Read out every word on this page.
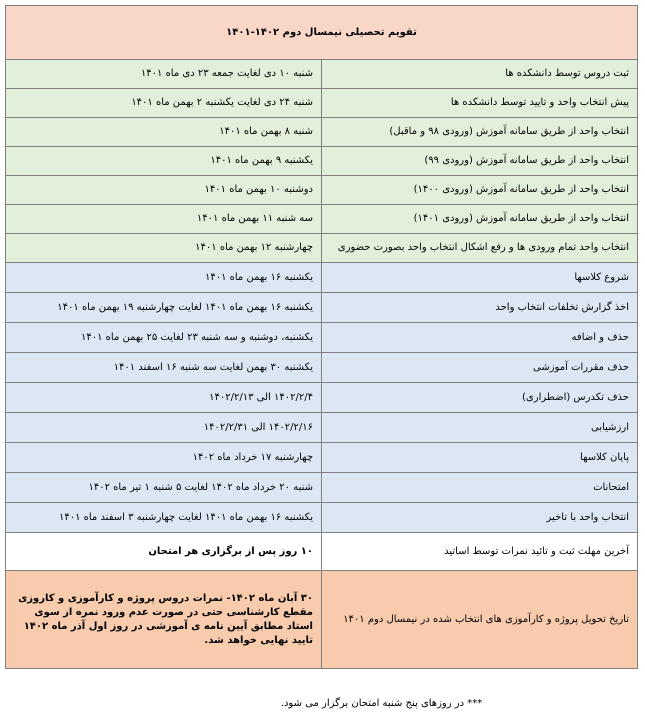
تقویم تحصیلی نیمسال دوم ۱۴۰۲-۱۴۰۱	
ثبت دروس توسط دانشکده ها	شنبه ۱۰ دی لغایت جمعه ۲۳ دی ماه ۱۴۰۱
پیش انتخاب واحد و تایید توسط دانشکده ها	شنبه ۲۴ دی لغایت یکشنبه ۲ بهمن ماه ۱۴۰۱
انتخاب واحد از طریق سامانه آموزش (ورودی ۹۸ و ماقبل)	شنبه ۸ بهمن ماه ۱۴۰۱
انتخاب واحد از طریق سامانه آموزش (ورودی ۹۹)	یکشنبه ۹ بهمن ماه ۱۴۰۱
انتخاب واحد از طریق سامانه آموزش (ورودی ۱۴۰۰)	دوشنبه ۱۰ بهمن ماه ۱۴۰۱
انتخاب واحد از طریق سامانه آموزش (ورودی ۱۴۰۱)	سه شنبه ۱۱ بهمن ماه ۱۴۰۱
انتخاب واحد تمام ورودی ها و رفع اشکال انتخاب واحد بصورت حضوری	چهارشنبه ۱۲ بهمن ماه ۱۴۰۱
شروع کلاسها	یکشنبه ۱۶ بهمن ماه ۱۴۰۱
اخذ گزارش تخلفات انتخاب واحد	یکشنبه ۱۶ بهمن ماه ۱۴۰۱ لغایت چهارشنبه ۱۹ بهمن ماه ۱۴۰۱
حذف و اضافه	یکشنبه، دوشنبه و سه شنبه ۲۳ لغایت ۲۵ بهمن ماه ۱۴۰۱
حذف مقررات آموزشی	یکشنبه ۳۰ بهمن لغایت سه شنبه ۱۶ اسفند ۱۴۰۱
حذف تکدرس (اضطراری)	۱۴۰۲/۲/۴ الی ۱۴۰۲/۲/۱۳
ارزشیابی	۱۴۰۲/۲/۱۶ الی ۱۴۰۲/۲/۳۱
پایان کلاسها	چهارشنبه ۱۷ خرداد ماه ۱۴۰۲
امتحانات	شنبه ۲۰ خرداد ماه ۱۴۰۲ لغایت ۵ شنبه ۱ تیر ماه ۱۴۰۲
انتخاب واحد با تاخیر	یکشنبه ۱۶ بهمن ماه ۱۴۰۱ لغایت چهارشنبه ۳ اسفند ماه ۱۴۰۱
آخرین مهلت ثبت و تائید نمرات توسط اساتید	۱۰ روز پس از برگزاری هر امتحان
تاریخ تحویل پروژه و کارآموزی های انتخاب شده در نیمسال دوم ۱۴۰۱	۳۰ آبان ماه ۱۴۰۲- نمرات دروس پروژه و کارآموزی و کاروزی مقطع کارشناسی حتی در صورت عدم ورود نمره از سوی استاد مطابق آیین نامه ی آموزشی در روز اول آذر ماه ۱۴۰۲ تایید نهایی خواهد شد.
*** در روزهای پنج شنبه امتحان برگزار می شود.
